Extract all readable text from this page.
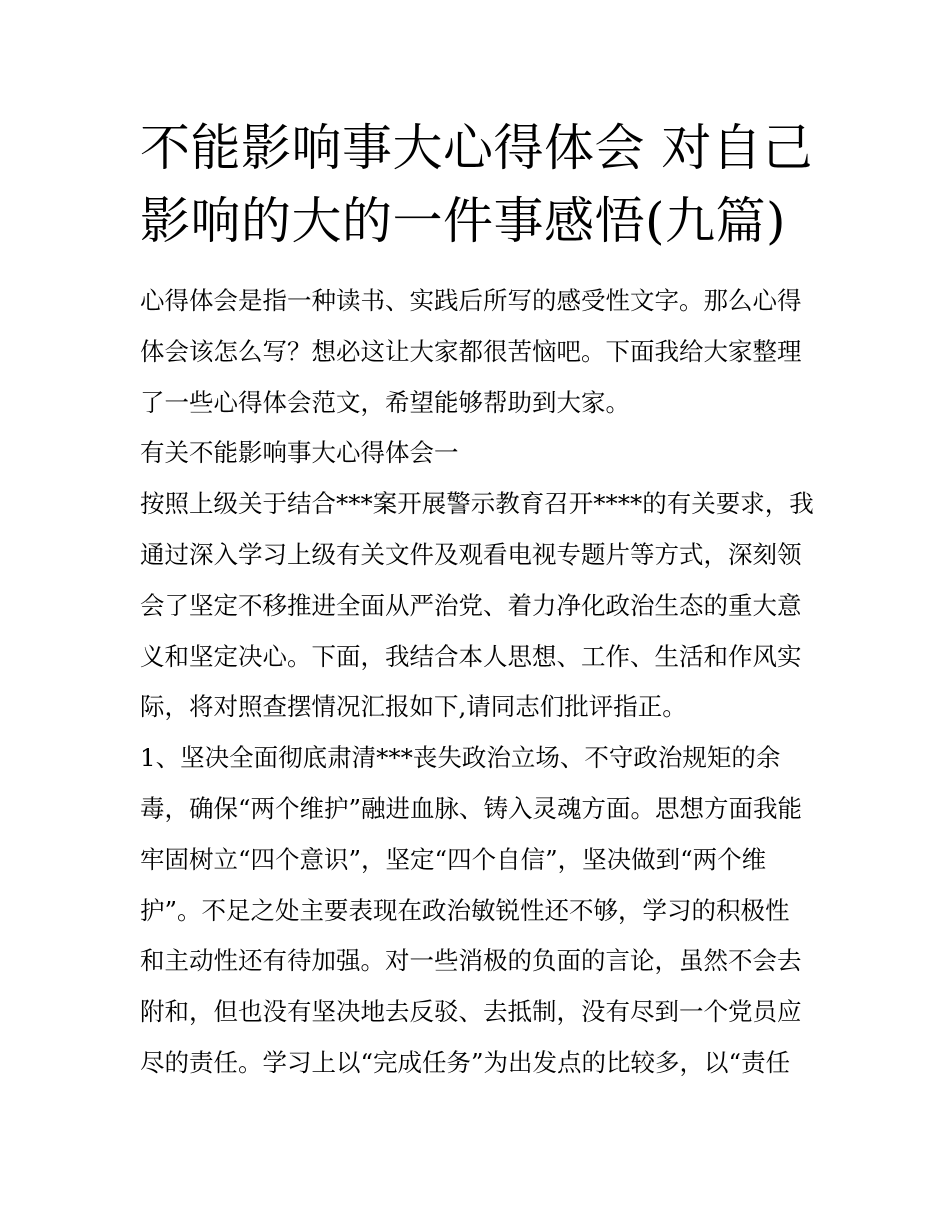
不能影响事大心得体会 对自己
影响的大的一件事感悟(九篇)

心得体会是指一种读书、实践后所写的感受性文字。那么心得

体会该怎么写？想必这让大家都很苦恼吧。下面我给大家整理

了一些心得体会范文，希望能够帮助到大家。

有关不能影响事大心得体会一

按照上级关于结合***案开展警示教育召开****的有关要求，我

通过深入学习上级有关文件及观看电视专题片等方式，深刻领

会了坚定不移推进全面从严治党、着力净化政治生态的重大意

义和坚定决心。下面，我结合本人思想、工作、生活和作风实

际，将对照查摆情况汇报如下,请同志们批评指正。

1、坚决全面彻底肃清***丧失政治立场、不守政治规矩的余

毒，确保“两个维护”融进血脉、铸入灵魂方面。思想方面我能

牢固树立“四个意识”，坚定“四个自信”，坚决做到“两个维

护”。不足之处主要表现在政治敏锐性还不够，学习的积极性

和主动性还有待加强。对一些消极的负面的言论，虽然不会去

附和，但也没有坚决地去反驳、去抵制，没有尽到一个党员应

尽的责任。学习上以“完成任务”为出发点的比较多，以“责任
